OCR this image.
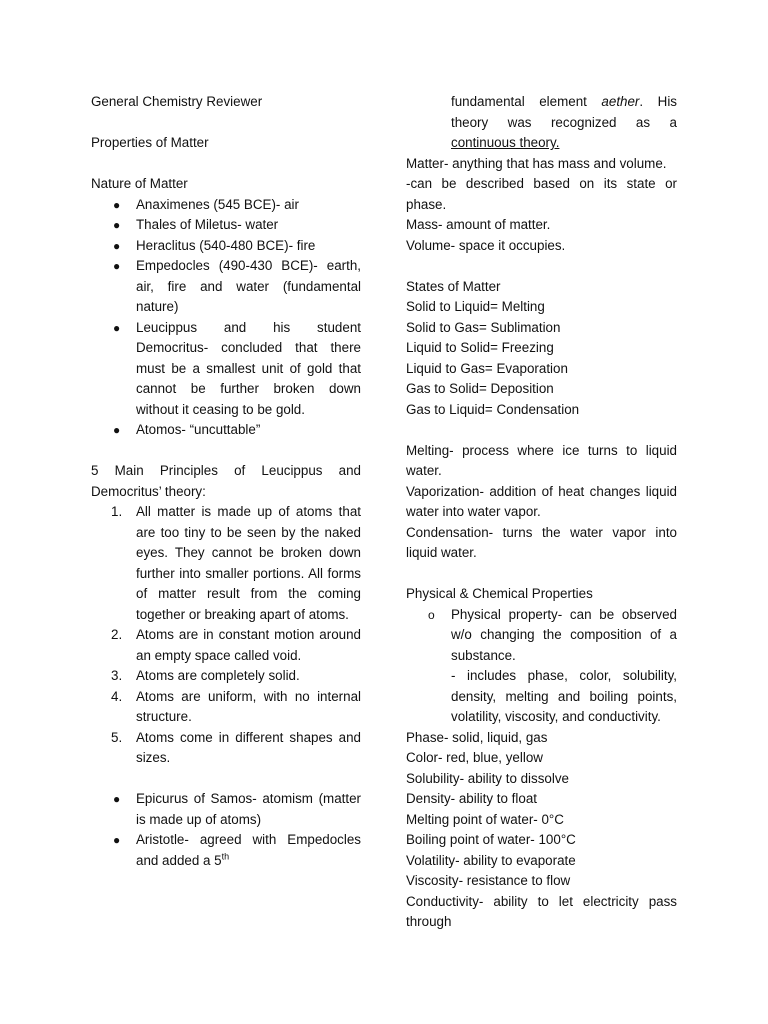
General Chemistry Reviewer

Properties of Matter

Nature of Matter

● Anaximenes (545 BCE)- air
● Thales of Miletus- water
● Heraclitus (540-480 BCE)- fire
● Empedocles (490-430 BCE)- earth, air, fire and water (fundamental nature)
● Leucippus and his student Democritus- concluded that there must be a smallest unit of gold that cannot be further broken down without it ceasing to be gold.
● Atomos- “uncuttable”

5 Main Principles of Leucippus and Democritus’ theory:

1. All matter is made up of atoms that are too tiny to be seen by the naked eyes. They cannot be broken down further into smaller portions. All forms of matter result from the coming together or breaking apart of atoms.
2. Atoms are in constant motion around an empty space called void.
3. Atoms are completely solid.
4. Atoms are uniform, with no internal structure.
5. Atoms come in different shapes and sizes.
● Epicurus of Samos- atomism (matter is made up of atoms)
● Aristotle- agreed with Empedocles and added a 5th

fundamental element aether. His theory was recognized as a continuous theory.

Matter- anything that has mass and volume.

-can be described based on its state or phase.

Mass- amount of matter.

Volume- space it occupies.

States of Matter

Solid to Liquid= Melting

Solid to Gas= Sublimation

Liquid to Solid= Freezing

Liquid to Gas= Evaporation

Gas to Solid= Deposition

Gas to Liquid= Condensation

Melting- process where ice turns to liquid water.

Vaporization- addition of heat changes liquid water into water vapor.

Condensation- turns the water vapor into liquid water.

Physical & Chemical Properties

o Physical property- can be observed w/o changing the composition of a substance.

- includes phase, color, solubility, density, melting and boiling points, volatility, viscosity, and conductivity.

Phase- solid, liquid, gas

Color- red, blue, yellow

Solubility- ability to dissolve

Density- ability to float

Melting point of water- 0°C

Boiling point of water- 100°C

Volatility- ability to evaporate

Viscosity- resistance to flow

Conductivity- ability to let electricity pass through
